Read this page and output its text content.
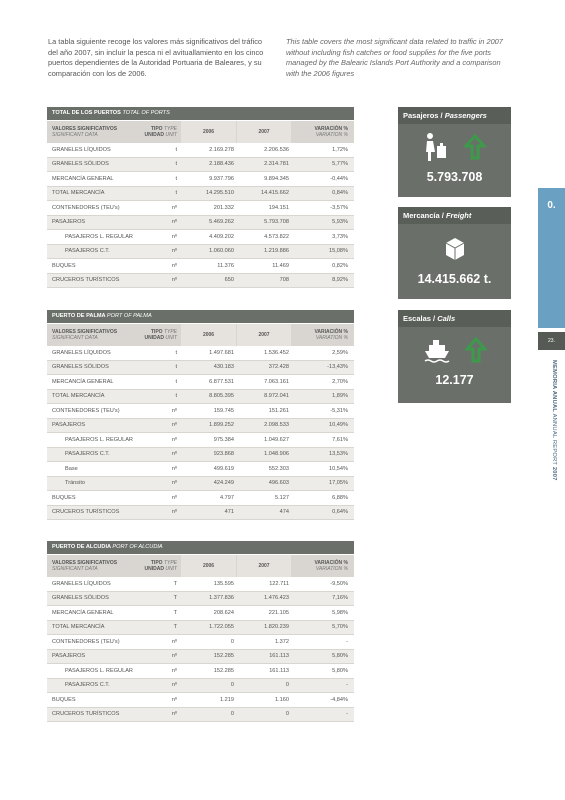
La tabla siguiente recoge los valores más significativos del tráfico del año 2007, sin incluir la pesca ni el avituallamiento en los cinco puertos dependientes de la Autoridad Portuaria de Baleares, y su comparación con los de 2006.
This table covers the most significant data related to traffic in 2007 without including fish catches or food supplies for the five ports managed by the Balearic Islands Port Authority and a comparison with the 2006 figures
TOTAL DE LOS PUERTOS TOTAL OF PORTS
VALORES SIGNIFICATIVOS
SIGNIFICANT DATA
TIPO TYPE
UNIDAD UNIT	2006	2007	VARIACIÓN %
VARIATION %
GRANELES LÍQUIDOS	t	2.169.278	2.206.536	1,72%
GRANELES SÓLIDOS	t	2.188.436	2.314.781	5,77%
MERCANCÍA GENERAL	t	9.937.796	9.894.345	-0,44%
TOTAL MERCANCÍA	t	14.295.510	14.415.662	0,84%
CONTENEDORES (TEU's)	nº	201.332	194.151	-3,57%
PASAJEROS	nº	5.469.262	5.793.708	5,93%
PASAJEROS L. REGULAR	nº	4.409.202	4.573.822	3,73%
PASAJEROS C.T.	nº	1.060.060	1.219.886	15,08%
BUQUES	nº	11.376	11.469	0,82%
CRUCEROS TURÍSTICOS	nº	650	708	8,92%
PUERTO DE PALMA PORT OF PALMA
VALORES SIGNIFICATIVOS
SIGNIFICANT DATA
TIPO TYPE
UNIDAD UNIT	2006	2007	VARIACIÓN %
VARIATION %
GRANELES LÍQUIDOS	t	1.497.681	1.536.452	2,59%
GRANELES SÓLIDOS	t	430.183	372.428	-13,43%
MERCANCÍA GENERAL	t	6.877.531	7.063.161	2,70%
TOTAL MERCANCÍA	t	8.805.395	8.972.041	1,89%
CONTENEDORES (TEU's)	nº	159.745	151.261	-5,31%
PASAJEROS	nº	1.899.252	2.098.533	10,49%
PASAJEROS L. REGULAR	nº	975.384	1.049.627	7,61%
PASAJEROS C.T.	nº	923.868	1.048.906	13,53%
Base	nº	499.619	552.303	10,54%
Tránsito	nº	424.249	496.603	17,05%
BUQUES	nº	4.797	5.127	6,88%
CRUCEROS TURÍSTICOS	nº	471	474	0,64%
PUERTO DE ALCUDIA PORT OF ALCUDIA
VALORES SIGNIFICATIVOS
SIGNIFICANT DATA
TIPO TYPE
UNIDAD UNIT	2006	2007	VARIACIÓN %
VARIATION %
GRANELES LÍQUIDOS	T	135.595	122.711	-9,50%
GRANELES SÓLIDOS	T	1.377.836	1.476.423	7,16%
MERCANCÍA GENERAL	T	208.624	221.105	5,98%
TOTAL MERCANCÍA	T	1.722.055	1.820.239	5,70%
CONTENEDORES (TEU's)	nº	0	1.372	-
PASAJEROS	nº	152.285	161.113	5,80%
PASAJEROS L. REGULAR	nº	152.285	161.113	5,80%
PASAJEROS C.T.	nº	0	0	-
BUQUES	nº	1.219	1.160	-4,84%
CRUCEROS TURÍSTICOS	nº	0	0	-
Pasajeros / Passengers
5.793.708
Mercancía / Freight
14.415.662 t.
Escalas / Calls
12.177
0.
23.
MEMORIA ANUAL ANNUAL REPORT 2007
